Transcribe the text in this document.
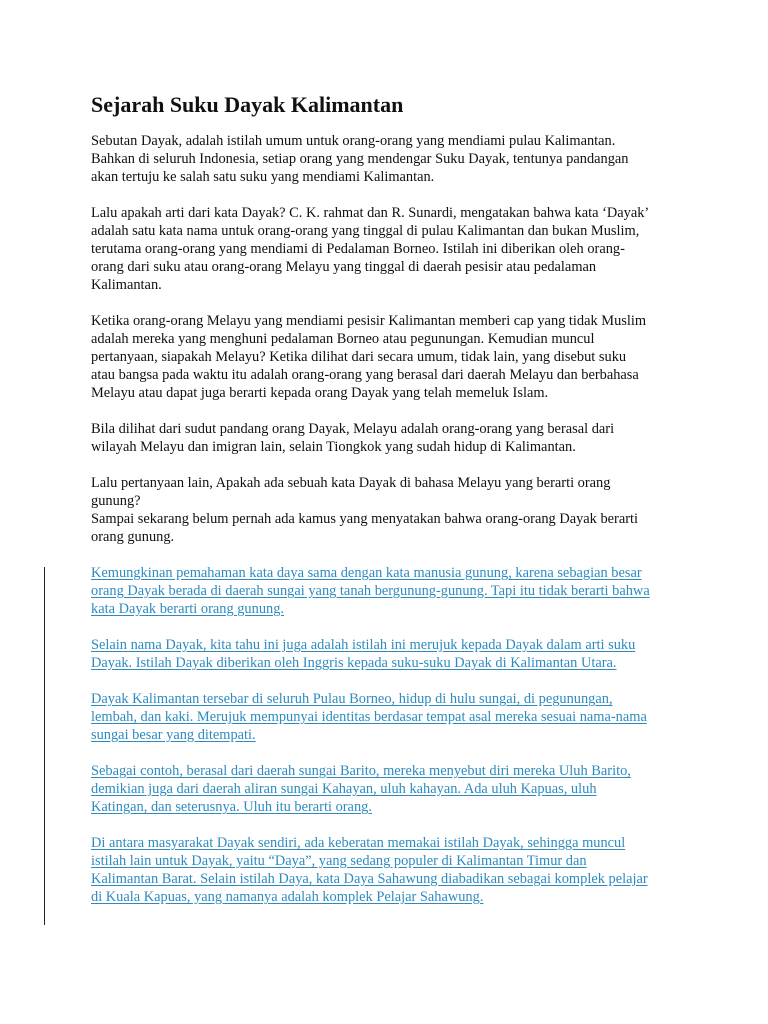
Sejarah Suku Dayak Kalimantan
Sebutan Dayak, adalah istilah umum untuk orang-orang yang mendiami pulau Kalimantan.
Bahkan di seluruh Indonesia, setiap orang yang mendengar Suku Dayak, tentunya pandangan
akan tertuju ke salah satu suku yang mendiami Kalimantan.
Lalu apakah arti dari kata Dayak? C. K. rahmat dan R. Sunardi, mengatakan bahwa kata ‘Dayak’
adalah satu kata nama untuk orang-orang yang tinggal di pulau Kalimantan dan bukan Muslim,
terutama orang-orang yang mendiami di Pedalaman Borneo. Istilah ini diberikan oleh orang-
orang dari suku atau orang-orang Melayu yang tinggal di daerah pesisir atau pedalaman
Kalimantan.
Ketika orang-orang Melayu yang mendiami pesisir Kalimantan memberi cap yang tidak Muslim
adalah mereka yang menghuni pedalaman Borneo atau pegunungan. Kemudian muncul
pertanyaan, siapakah Melayu? Ketika dilihat dari secara umum, tidak lain, yang disebut suku
atau bangsa pada waktu itu adalah orang-orang yang berasal dari daerah Melayu dan berbahasa
Melayu atau dapat juga berarti kepada orang Dayak yang telah memeluk Islam.
Bila dilihat dari sudut pandang orang Dayak, Melayu adalah orang-orang yang berasal dari
wilayah Melayu dan imigran lain, selain Tiongkok yang sudah hidup di Kalimantan.
Lalu pertanyaan lain, Apakah ada sebuah kata Dayak di bahasa Melayu yang berarti orang
gunung?
Sampai sekarang belum pernah ada kamus yang menyatakan bahwa orang-orang Dayak berarti
orang gunung.
Kemungkinan pemahaman kata daya sama dengan kata manusia gunung, karena sebagian besar
orang Dayak berada di daerah sungai yang tanah bergunung-gunung. Tapi itu tidak berarti bahwa
kata Dayak berarti orang gunung.
Selain nama Dayak, kita tahu ini juga adalah istilah ini merujuk kepada Dayak dalam arti suku
Dayak. Istilah Dayak diberikan oleh Inggris kepada suku-suku Dayak di Kalimantan Utara.
Dayak Kalimantan tersebar di seluruh Pulau Borneo, hidup di hulu sungai, di pegunungan,
lembah, dan kaki. Merujuk mempunyai identitas berdasar tempat asal mereka sesuai nama-nama
sungai besar yang ditempati.
Sebagai contoh, berasal dari daerah sungai Barito, mereka menyebut diri mereka Uluh Barito,
demikian juga dari daerah aliran sungai Kahayan, uluh kahayan. Ada uluh Kapuas, uluh
Katingan, dan seterusnya. Uluh itu berarti orang.
Di antara masyarakat Dayak sendiri, ada keberatan memakai istilah Dayak, sehingga muncul
istilah lain untuk Dayak, yaitu “Daya”, yang sedang populer di Kalimantan Timur dan
Kalimantan Barat. Selain istilah Daya, kata Daya Sahawung diabadikan sebagai komplek pelajar
di Kuala Kapuas, yang namanya adalah komplek Pelajar Sahawung.
